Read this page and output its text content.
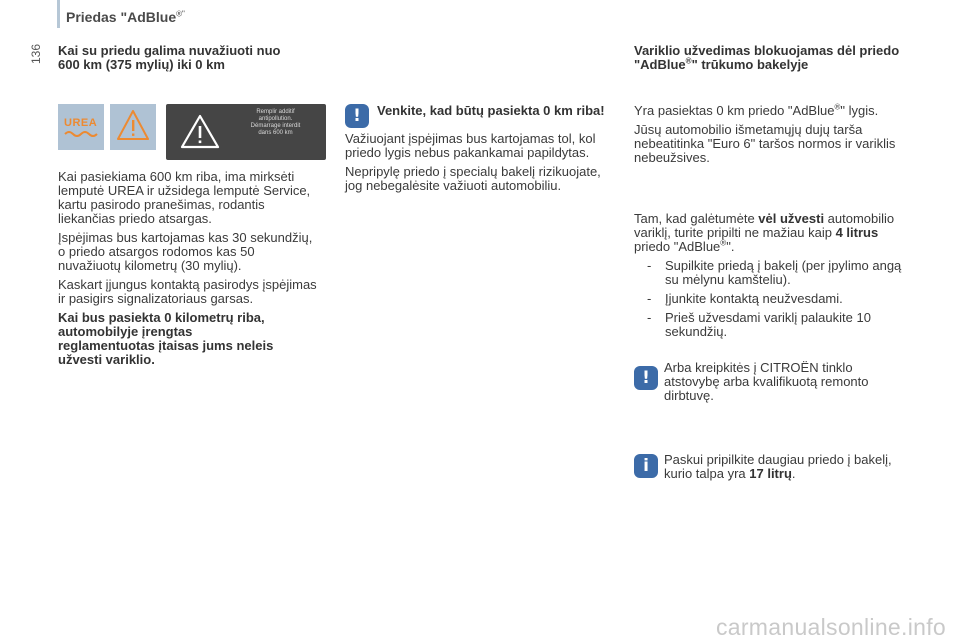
136
Priedas "AdBlue®"
Kai su priedu galima nuvažiuoti nuo 600 km (375 mylių) iki 0 km
UREA
Remplir additif
antipollution.
Démarrage interdit
dans 600 km

Kai pasiekiama 600 km riba, ima mirksėti lemputė UREA ir užsidega lemputė Service, kartu pasirodo pranešimas, rodantis liekančias priedo atsargas.

Įspėjimas bus kartojamas kas 30 sekundžių, o priedo atsargos rodomos kas 50 nuvažiuotų kilometrų (30 mylių).

Kaskart įjungus kontaktą pasirodys įspėjimas ir pasigirs signalizatoriaus garsas.

Kai bus pasiekta 0 kilometrų riba, automobilyje įrengtas reglamentuotas įtaisas jums neleis užvesti variklio.

!	Venkite, kad būtų pasiekta 0 km riba!

Važiuojant įspėjimas bus kartojamas tol, kol priedo lygis nebus pakankamai papildytas.

Nepripylę priedo į specialų bakelį rizikuojate, jog nebegalėsite važiuoti automobiliu.

Variklio užvedimas blokuojamas dėl priedo "AdBlue®" trūkumo bakelyje

Yra pasiektas 0 km priedo "AdBlue®" lygis.

Jūsų automobilio išmetamųjų dujų tarša nebeatitinka "Euro 6" taršos normos ir variklis nebeužsives.

Tam, kad galėtumėte vėl užvesti automobilio variklį, turite pripilti ne mažiau kaip 4 litrus priedo "AdBlue®".

- Supilkite priedą į bakelį (per įpylimo angą su mėlynu kamšteliu).
- Įjunkite kontaktą neužvesdami.
- Prieš užvesdami variklį palaukite 10 sekundžių.
!
Arba kreipkitės į CITROËN tinklo atstovybę arba kvalifikuotą remonto dirbtuvę.
i	Paskui pripilkite daugiau priedo į bakelį, kurio talpa yra 17 litrų.
carmanualsonline.info
